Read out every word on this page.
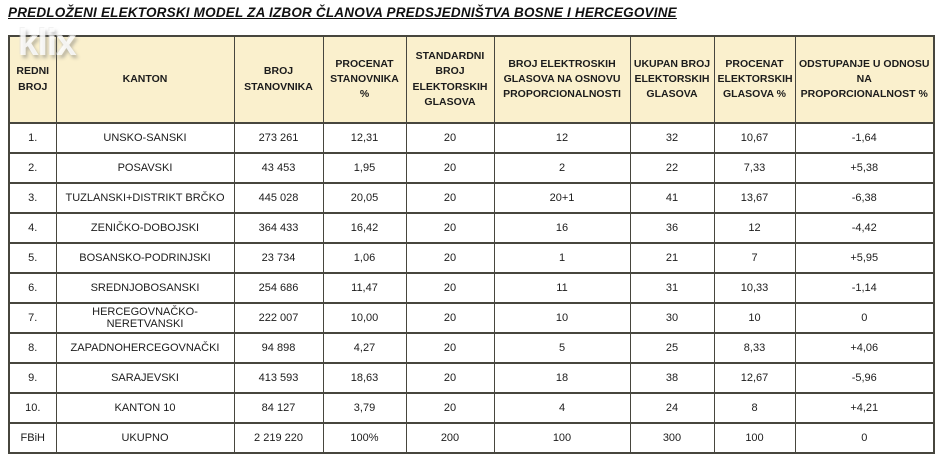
PREDLOŽENI ELEKTORSKI MODEL ZA IZBOR ČLANOVA PREDSJEDNIŠTVA BOSNE I HERCEGOVINE
klix
REDNI BROJ	KANTON	BROJ STANOVNIKA	PROCENAT STANOVNIKA %	STANDARDNI BROJ ELEKTORSKIH GLASOVA	BROJ ELEKTROSKIH GLASOVA NA OSNOVU PROPORCIONALNOSTI	UKUPAN BROJ ELEKTORSKIH GLASOVA	PROCENAT ELEKTORSKIH GLASOVA %	ODSTUPANJE U ODNOSU NA PROPORCIONALNOST %
1.	UNSKO-SANSKI	273 261	12,31	20	12	32	10,67	-1,64
2.	POSAVSKI	43 453	1,95	20	2	22	7,33	+5,38
3.	TUZLANSKI+DISTRIKT BRČKO	445 028	20,05	20	20+1	41	13,67	-6,38
4.	ZENIČKO-DOBOJSKI	364 433	16,42	20	16	36	12	-4,42
5.	BOSANSKO-PODRINJSKI	23 734	1,06	20	1	21	7	+5,95
6.	SREDNJOBOSANSKI	254 686	11,47	20	11	31	10,33	-1,14
7.	HERCEGOVNAČKO-NERETVANSKI	222 007	10,00	20	10	30	10	0
8.	ZAPADNOHERCEGOVNAČKI	94 898	4,27	20	5	25	8,33	+4,06
9.	SARAJEVSKI	413 593	18,63	20	18	38	12,67	-5,96
10.	KANTON 10	84 127	3,79	20	4	24	8	+4,21
FBiH	UKUPNO	2 219 220	100%	200	100	300	100	0
